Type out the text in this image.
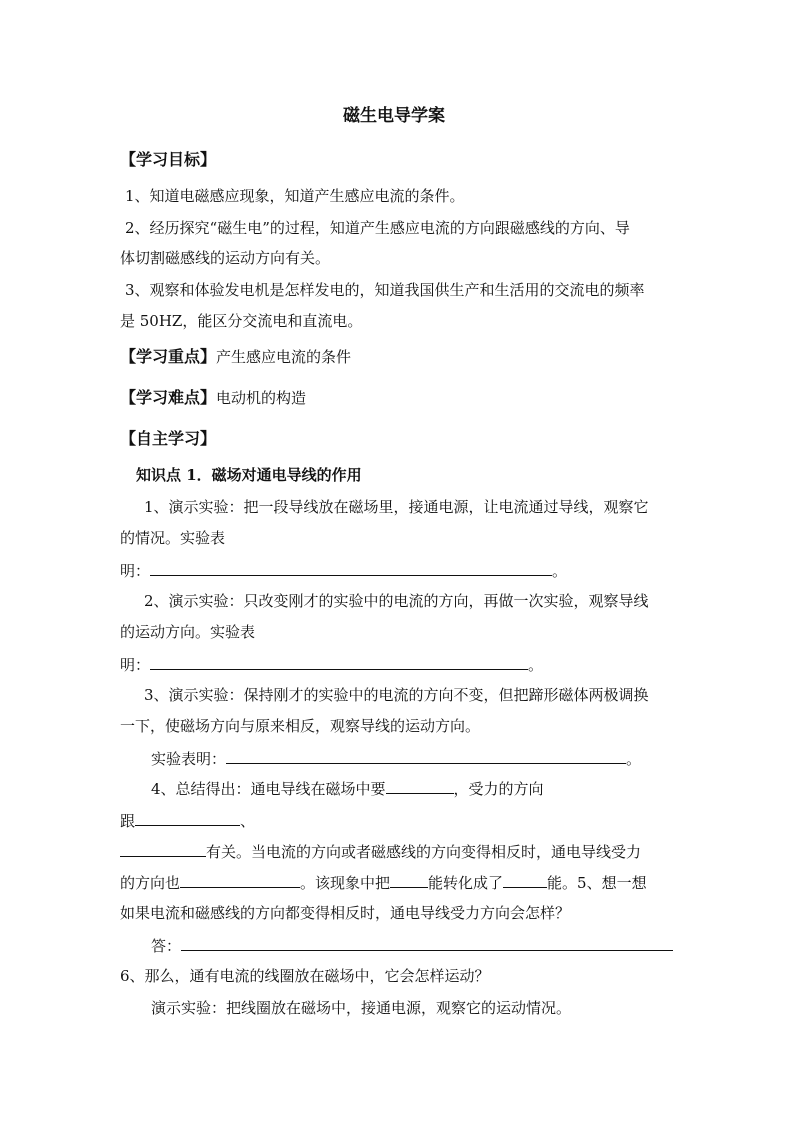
磁生电导学案
【学习目标】
1、知道电磁感应现象，知道产生感应电流的条件。
2、经历探究“磁生电”的过程，知道产生感应电流的方向跟磁感线的方向、导
体切割磁感线的运动方向有关。
3、观察和体验发电机是怎样发电的，知道我国供生产和生活用的交流电的频率
是 50HZ，能区分交流电和直流电。
【学习重点】产生感应电流的条件
【学习难点】电动机的构造
【自主学习】
知识点 1．磁场对通电导线的作用
1、演示实验：把一段导线放在磁场里，接通电源，让电流通过导线，观察它
的情况。实验表
明：	。
2、演示实验：只改变刚才的实验中的电流的方向，再做一次实验，观察导线
的运动方向。实验表
明：	。
3、演示实验：保持刚才的实验中的电流的方向不变，但把蹄形磁体两极调换
一下，使磁场方向与原来相反，观察导线的运动方向。
实验表明：	。
4、总结得出：通电导线在磁场中要	，受力的方向
跟	、
有关。当电流的方向或者磁感线的方向变得相反时，通电导线受力
的方向也	。该现象中把	能转化成了	能。5、想一想
如果电流和磁感线的方向都变得相反时，通电导线受力方向会怎样？
答：
6、那么，通有电流的线圈放在磁场中，它会怎样运动？
演示实验：把线圈放在磁场中，接通电源，观察它的运动情况。
